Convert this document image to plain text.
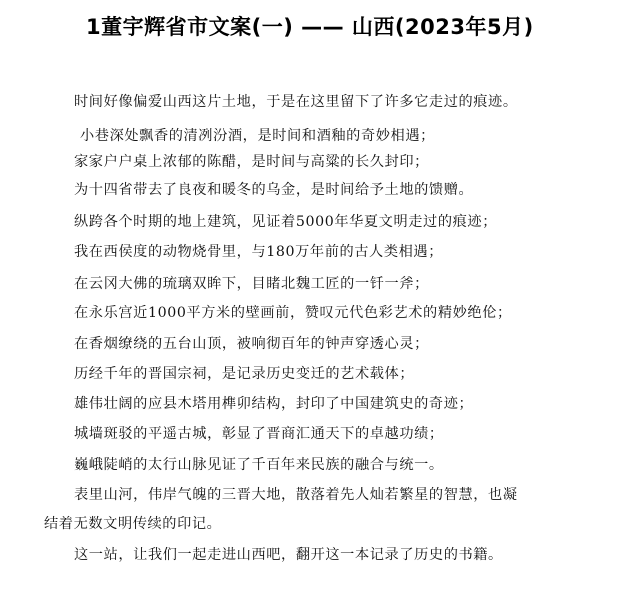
1董宇辉省市文案(一) —— 山西(2023年5月)
时间好像偏爱山西这片土地，于是在这里留下了许多它走过的痕迹。
小巷深处飘香的清冽汾酒，是时间和酒釉的奇妙相遇；
家家户户桌上浓郁的陈醋，是时间与高粱的长久封印；
为十四省带去了良夜和暖冬的乌金，是时间给予土地的馈赠。
纵跨各个时期的地上建筑，见证着5000年华夏文明走过的痕迹；
我在西侯度的动物烧骨里，与180万年前的古人类相遇；
在云冈大佛的琉璃双眸下，目睹北魏工匠的一钎一斧；
在永乐宫近1000平方米的壁画前，赞叹元代色彩艺术的精妙绝伦；
在香烟缭绕的五台山顶，被响彻百年的钟声穿透心灵；
历经千年的晋国宗祠，是记录历史变迁的艺术载体；
雄伟壮阔的应县木塔用榫卯结构，封印了中国建筑史的奇迹；
城墙斑驳的平遥古城，彰显了晋商汇通天下的卓越功绩；
巍峨陡峭的太行山脉见证了千百年来民族的融合与统一。
表里山河，伟岸气魄的三晋大地，散落着先人灿若繁星的智慧，也凝
结着无数文明传续的印记。
这一站，让我们一起走进山西吧，翻开这一本记录了历史的书籍。
